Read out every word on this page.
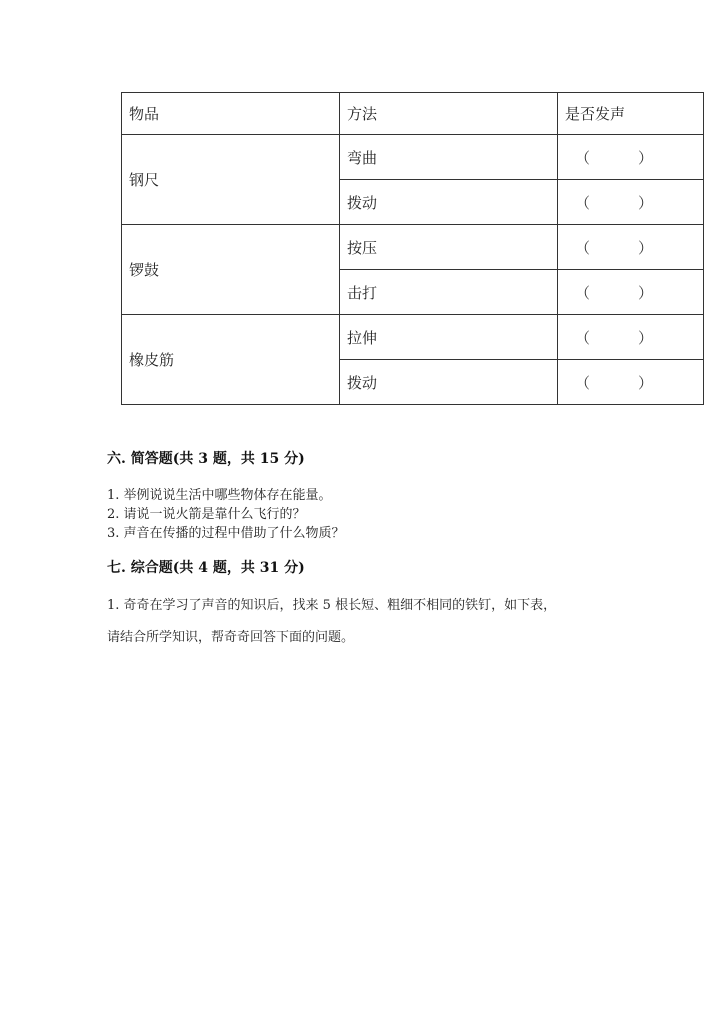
物品	方法	是否发声
钢尺	弯曲	（ ）
	拨动	（ ）
锣鼓	按压	（ ）
	击打	（ ）
橡皮筋	拉伸	（ ）
	拨动	（ ）
六. 简答题(共 3 题，共 15 分)
1. 举例说说生活中哪些物体存在能量。
2. 请说一说火箭是靠什么飞行的？
3. 声音在传播的过程中借助了什么物质？
七. 综合题(共 4 题，共 31 分)
1. 奇奇在学习了声音的知识后，找来 5 根长短、粗细不相同的铁钉，如下表，
请结合所学知识，帮奇奇回答下面的问题。
